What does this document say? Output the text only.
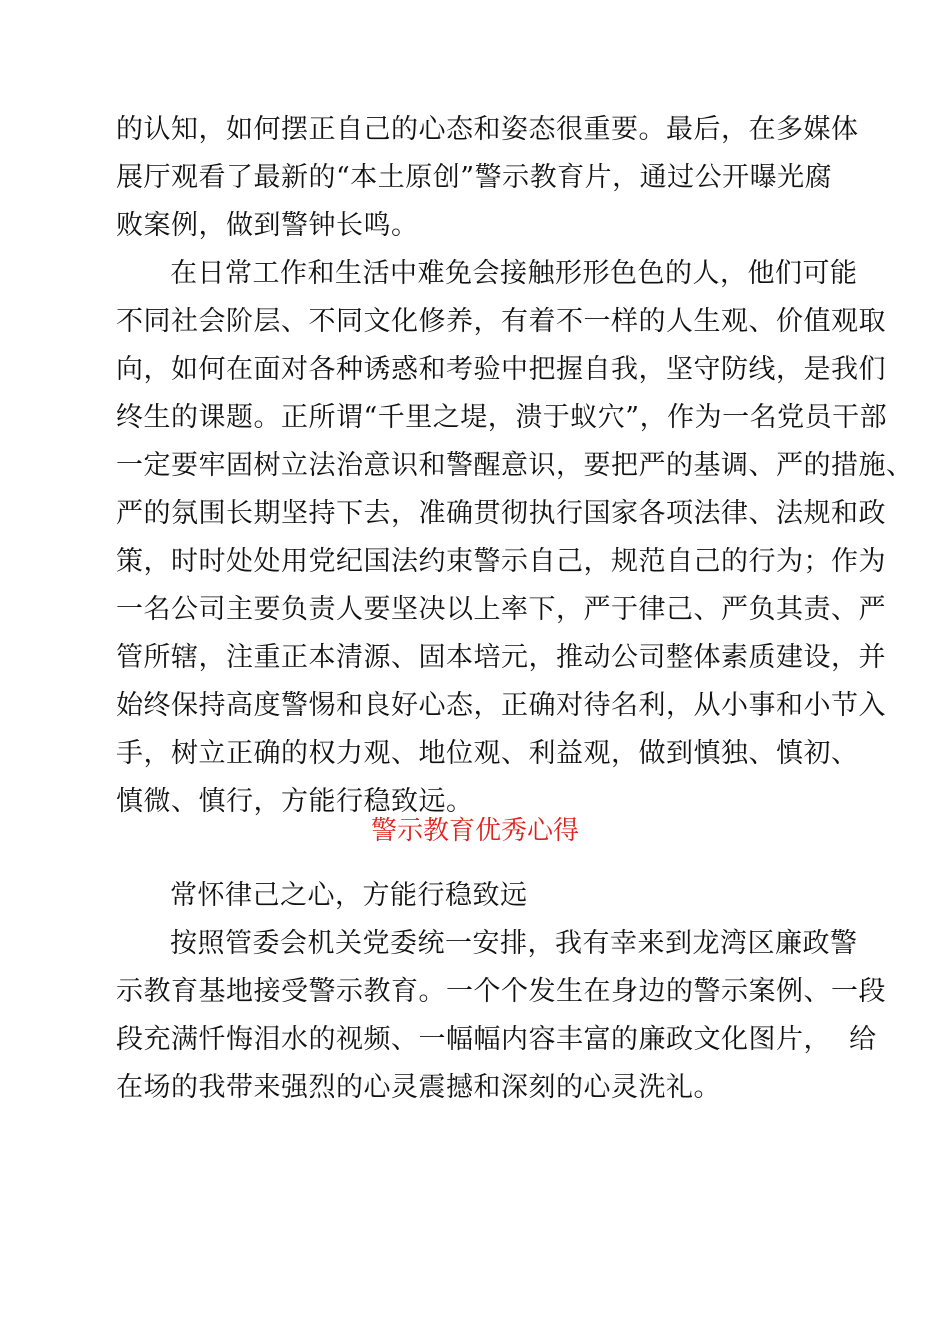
的认知，如何摆正自己的心态和姿态很重要。最后，在多媒体
展厅观看了最新的“本土原创”警示教育片，通过公开曝光腐
败案例，做到警钟长鸣。
在日常工作和生活中难免会接触形形色色的人，他们可能
不同社会阶层、不同文化修养，有着不一样的人生观、价值观取
向，如何在面对各种诱惑和考验中把握自我，坚守防线，是我们
终生的课题。正所谓“千里之堤，溃于蚁穴”，作为一名党员干部
一定要牢固树立法治意识和警醒意识，要把严的基调、严的措施、
严的氛围长期坚持下去，准确贯彻执行国家各项法律、法规和政
策，时时处处用党纪国法约束警示自己，规范自己的行为；作为
一名公司主要负责人要坚决以上率下，严于律己、严负其责、严
管所辖，注重正本清源、固本培元，推动公司整体素质建设，并
始终保持高度警惕和良好心态，正确对待名利，从小事和小节入
手，树立正确的权力观、地位观、利益观，做到慎独、慎初、
慎微、慎行，方能行稳致远。
警示教育优秀心得
常怀律己之心，方能行稳致远
按照管委会机关党委统一安排，我有幸来到龙湾区廉政警
示教育基地接受警示教育。一个个发生在身边的警示案例、一段
段充满忏悔泪水的视频、一幅幅内容丰富的廉政文化图片，  给
在场的我带来强烈的心灵震撼和深刻的心灵洗礼。
